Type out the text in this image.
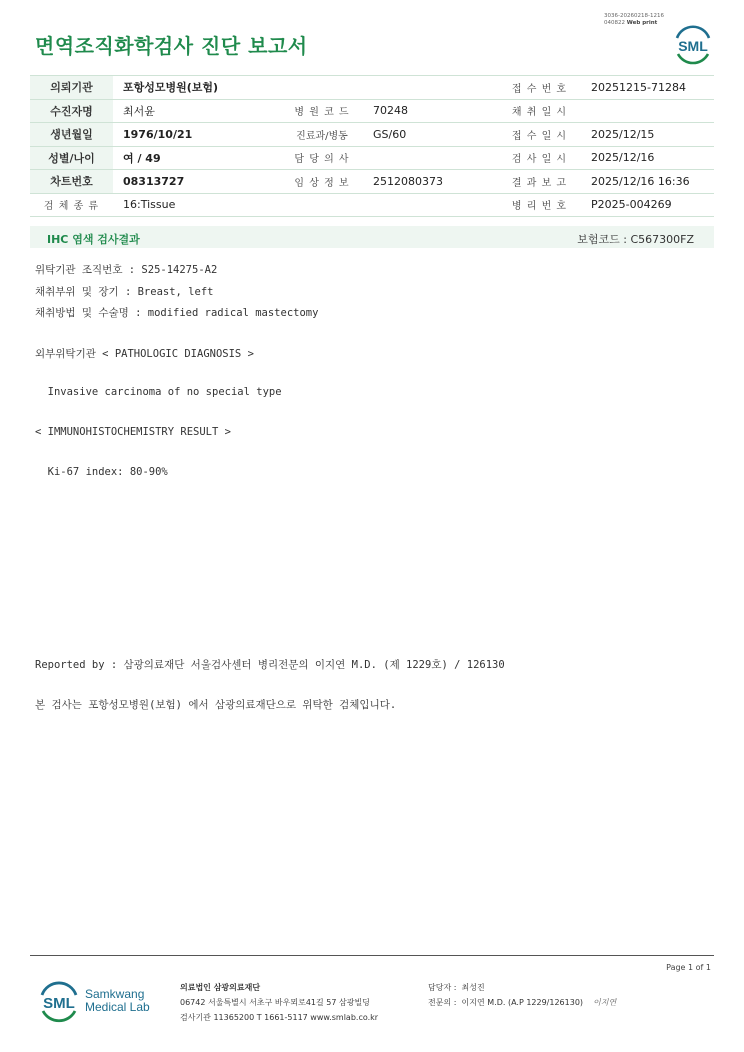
3036-20260218-1216
040822 Web print
면역조직화학검사 진단 보고서	SML
의뢰기관	포항성모병원(보험)			접 수 번 호	20251215-71284
수진자명	최서윤	병 원 코 드	70248	채 취 일 시	
생년월일	1976/10/21	진료과/병동	GS/60	접 수 일 시	2025/12/15
성별/나이	여 / 49	담 당 의 사		검 사 일 시	2025/12/16
차트번호	08313727	임 상 정 보	2512080373	결 과 보 고	2025/12/16 16:36
검 체 종 류	16:Tissue			병 리 번 호	P2025-004269
IHC 염색 검사결과	보험코드 : C567300FZ

위탁기관 조직번호 : S25-14275-A2

채취부위 및 장기 : Breast, left

채취방법 및 수술명 : modified radical mastectomy

외부위탁기관 < PATHOLOGIC DIAGNOSIS >

Invasive carcinoma of no special type

< IMMUNOHISTOCHEMISTRY RESULT >

Ki-67 index: 80-90%

Reported by : 삼광의료재단 서울검사센터 병리전문의 이지연 M.D. (제 1229호) / 126130

본 검사는 포항성모병원(보험) 에서 삼광의료재단으로 위탁한 검체입니다.

Page 1 of 1
SML
Samkwang
Medical Lab
의료법인 삼광의료재단
06742 서울특별시 서초구 바우뫼로41길 57 삼광빌딩
검사기관 11365200 T 1661-5117 www.smlab.co.kr
담당자 : 최성진
전문의 : 이지연 M.D. (A.P 1229/126130) 이지연
